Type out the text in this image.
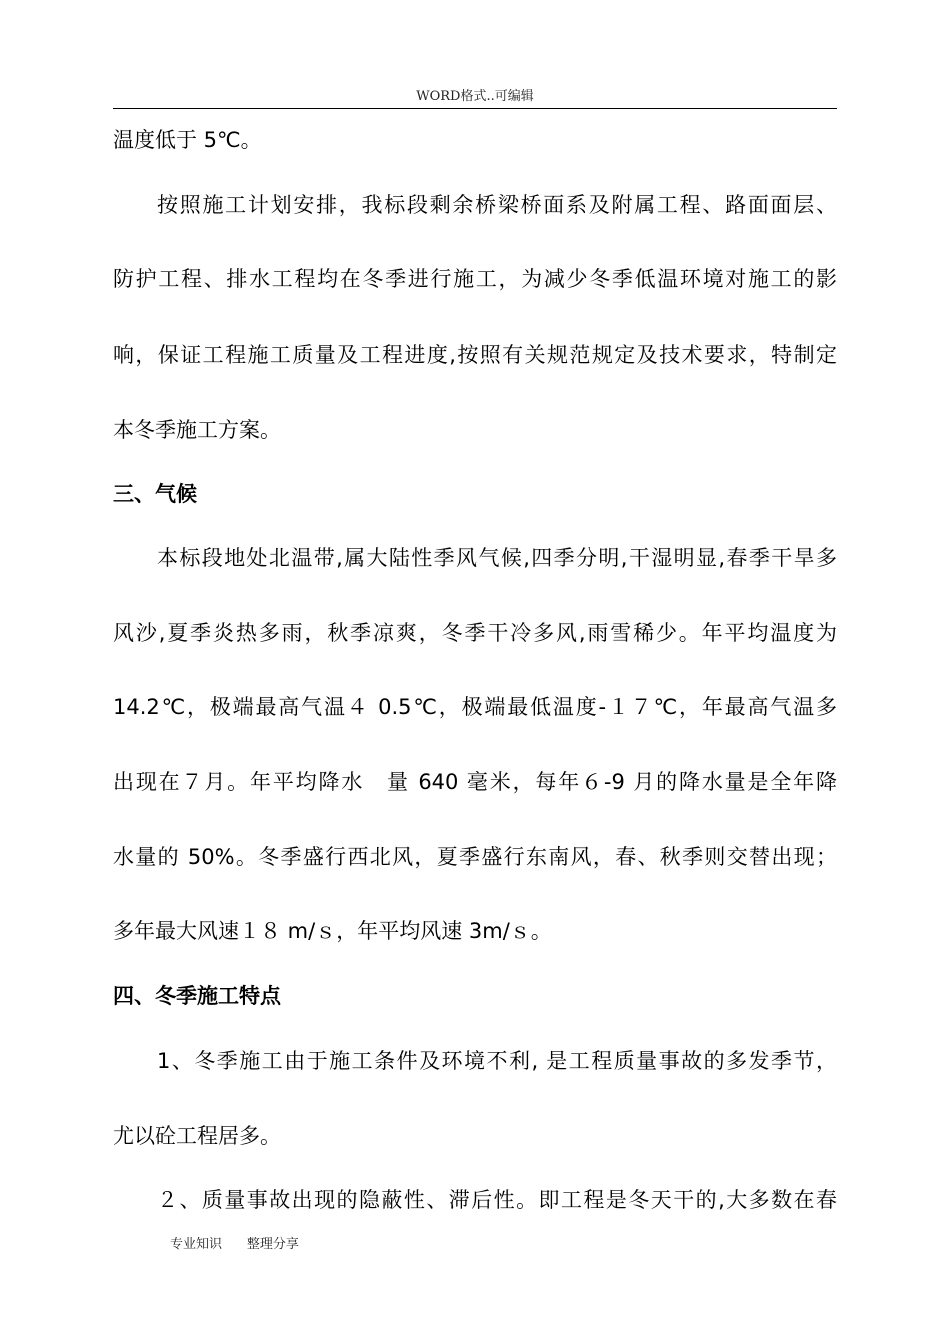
WORD格式..可编辑
温度低于 5℃。
按照施工计划安排，我标段剩余桥梁桥面系及附属工程、路面面层、
防护工程、排水工程均在冬季进行施工，为减少冬季低温环境对施工的影
响，保证工程施工质量及工程进度,按照有关规范规定及技术要求，特制定
本冬季施工方案。
三、气候
本标段地处北温带,属大陆性季风气候,四季分明,干湿明显,春季干旱多
风沙,夏季炎热多雨，秋季凉爽，冬季干冷多风,雨雪稀少。年平均温度为
14.2℃，极端最高气温４ 0.5℃，极端最低温度-１７℃，年最高气温多
出现在７月。年平均降水　量 640 毫米，每年６-9 月的降水量是全年降
水量的 50%。冬季盛行西北风，夏季盛行东南风，春、秋季则交替出现；
多年最大风速１８ m/ｓ，年平均风速 3m/ｓ。
四、冬季施工特点
1、冬季施工由于施工条件及环境不利, 是工程质量事故的多发季节，
尤以砼工程居多。
２、质量事故出现的隐蔽性、滞后性。即工程是冬天干的,大多数在春
专业知识 整理分享
